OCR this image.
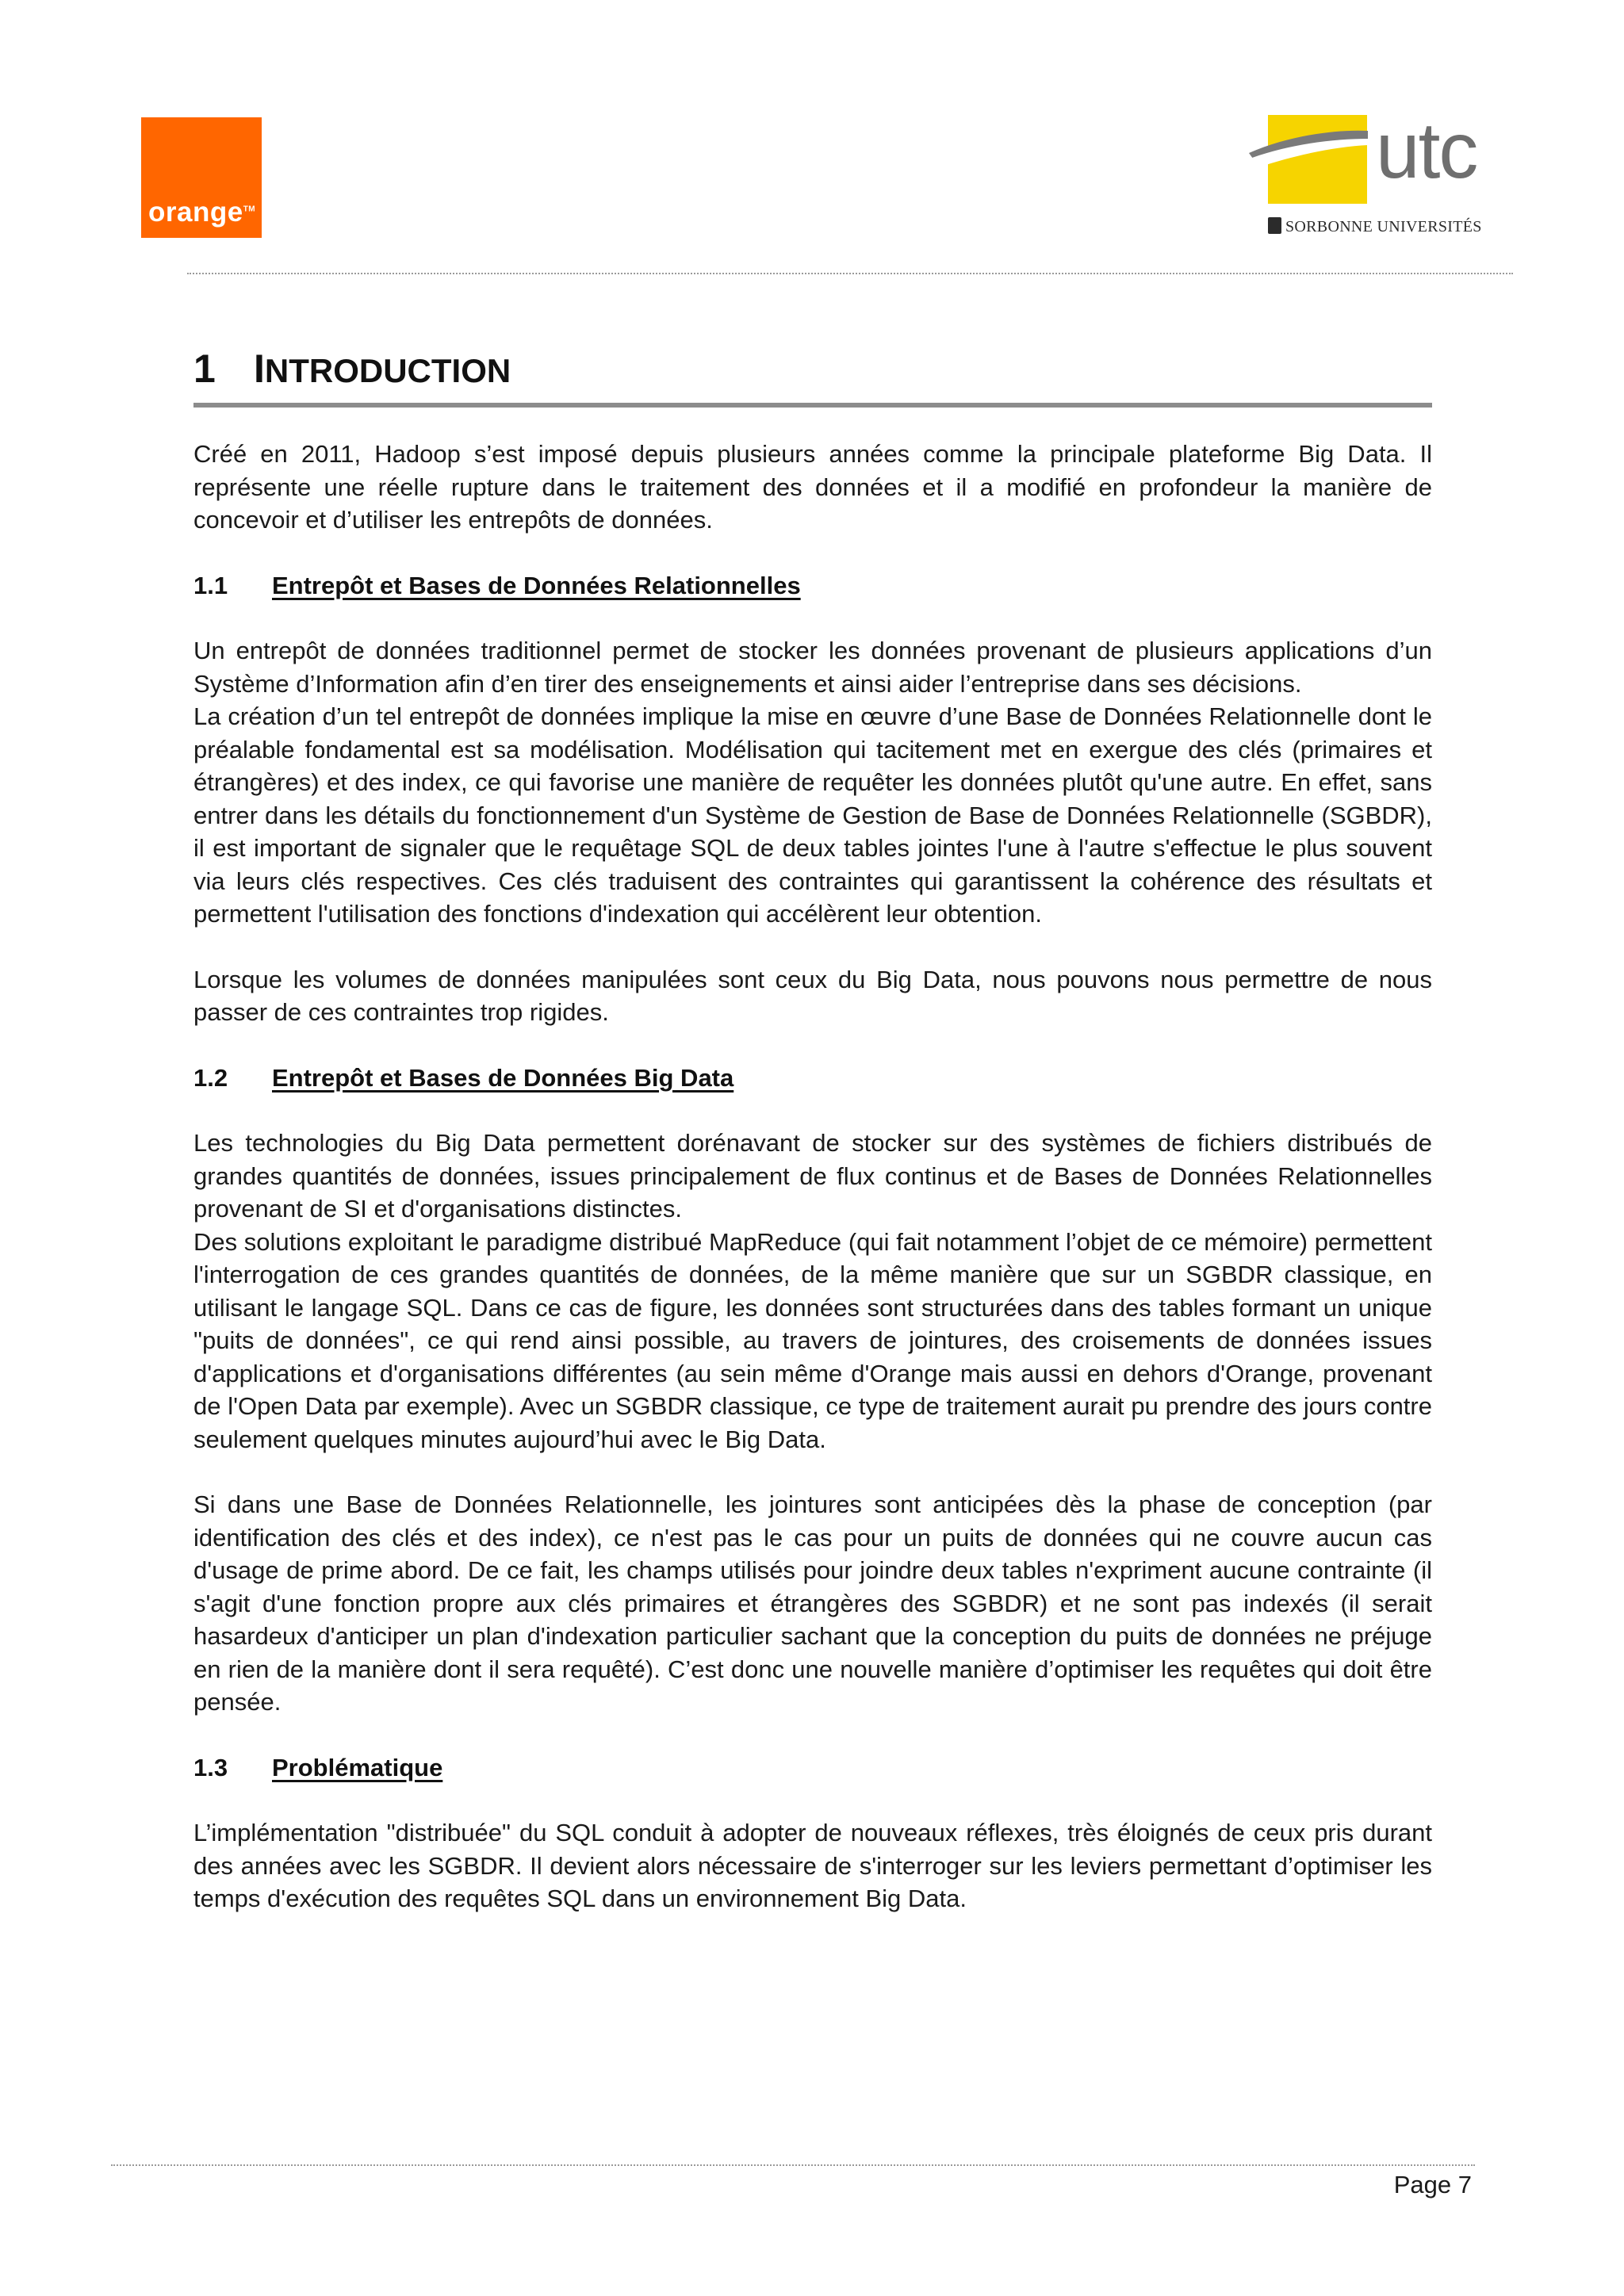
orange™
utc
SORBONNE UNIVERSITÉS
1 INTRODUCTION

Créé en 2011, Hadoop s’est imposé depuis plusieurs années comme la principale plateforme Big Data. Il représente une réelle rupture dans le traitement des données et il a modifié en profondeur la manière de concevoir et d’utiliser les entrepôts de données.

1.1 Entrepôt et Bases de Données Relationnelles

Un entrepôt de données traditionnel permet de stocker les données provenant de plusieurs applications d’un Système d’Information afin d’en tirer des enseignements et ainsi aider l’entreprise dans ses décisions.

La création d’un tel entrepôt de données implique la mise en œuvre d’une Base de Données Relationnelle dont le préalable fondamental est sa modélisation. Modélisation qui tacitement met en exergue des clés (primaires et étrangères) et des index, ce qui favorise une manière de requêter les données plutôt qu'une autre. En effet, sans entrer dans les détails du fonctionnement d'un Système de Gestion de Base de Données Relationnelle (SGBDR), il est important de signaler que le requêtage SQL de deux tables jointes l'une à l'autre s'effectue le plus souvent via leurs clés respectives. Ces clés traduisent des contraintes qui garantissent la cohérence des résultats et permettent l'utilisation des fonctions d'indexation qui accélèrent leur obtention.

Lorsque les volumes de données manipulées sont ceux du Big Data, nous pouvons nous permettre de nous passer de ces contraintes trop rigides.

1.2 Entrepôt et Bases de Données Big Data

Les technologies du Big Data permettent dorénavant de stocker sur des systèmes de fichiers distribués de grandes quantités de données, issues principalement de flux continus et de Bases de Données Relationnelles provenant de SI et d'organisations distinctes.

Des solutions exploitant le paradigme distribué MapReduce (qui fait notamment l’objet de ce mémoire) permettent l'interrogation de ces grandes quantités de données, de la même manière que sur un SGBDR classique, en utilisant le langage SQL. Dans ce cas de figure, les données sont structurées dans des tables formant un unique "puits de données", ce qui rend ainsi possible, au travers de jointures, des croisements de données issues d'applications et d'organisations différentes (au sein même d'Orange mais aussi en dehors d'Orange, provenant de l'Open Data par exemple). Avec un SGBDR classique, ce type de traitement aurait pu prendre des jours contre seulement quelques minutes aujourd’hui avec le Big Data.

Si dans une Base de Données Relationnelle, les jointures sont anticipées dès la phase de conception (par identification des clés et des index), ce n'est pas le cas pour un puits de données qui ne couvre aucun cas d'usage de prime abord. De ce fait, les champs utilisés pour joindre deux tables n'expriment aucune contrainte (il s'agit d'une fonction propre aux clés primaires et étrangères des SGBDR) et ne sont pas indexés (il serait hasardeux d'anticiper un plan d'indexation particulier sachant que la conception du puits de données ne préjuge en rien de la manière dont il sera requêté). C’est donc une nouvelle manière d’optimiser les requêtes qui doit être pensée.

1.3 Problématique

L’implémentation "distribuée" du SQL conduit à adopter de nouveaux réflexes, très éloignés de ceux pris durant des années avec les SGBDR. Il devient alors nécessaire de s'interroger sur les leviers permettant d’optimiser les temps d'exécution des requêtes SQL dans un environnement Big Data.

Page 7
